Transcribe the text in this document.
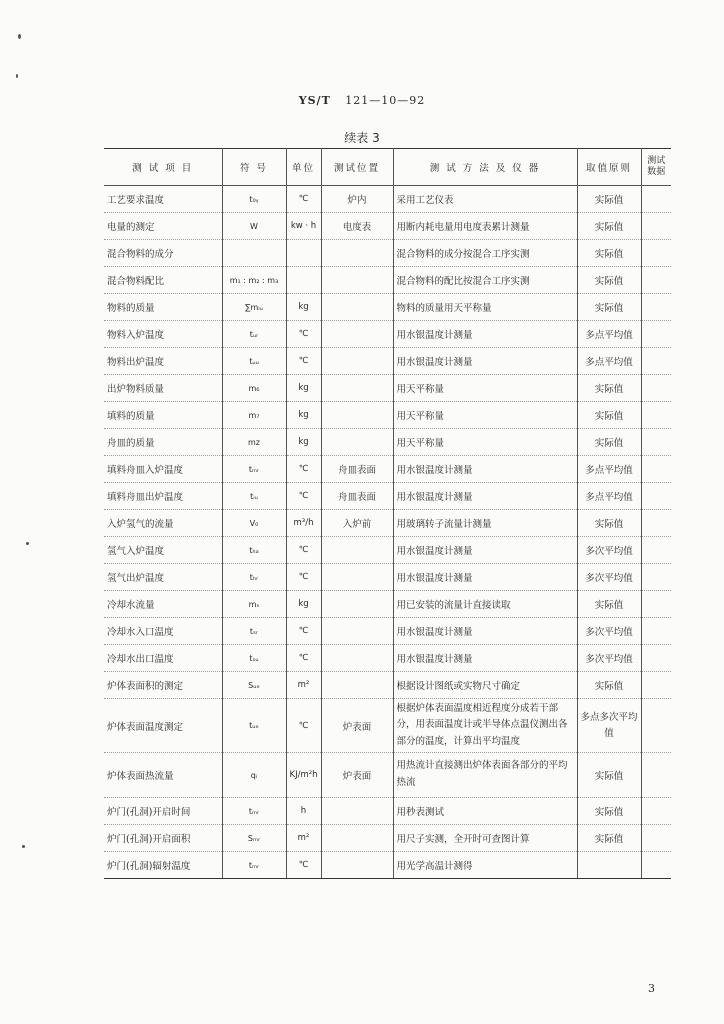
YS/T 121—10—92
续表 3
测 试 项 目	符 号	单位	测试位置	测 试 方 法 及 仪 器	取值原则	测试数据
工艺要求温度	t₀ᵧ	℃	炉内	采用工艺仪表	实际值	
电量的测定	W	kw · h	电度表	用断内耗电量用电度表累计测量	实际值	
混合物料的成分				混合物料的成分按混合工序实测	实际值	
混合物料配比	m₁ : m₂ : m₃			混合物料的配比按混合工序实测	实际值	
物料的质量	∑mᵢᵤ	kg		物料的质量用天平称量	实际值	
物料入炉温度	tᵤᵣ	℃		用水银温度计测量	多点平均值	
物料出炉温度	tᵤᵤ	℃		用水银温度计测量	多点平均值	
出炉物料质量	m₆	kg		用天平称量	实际值	
填料的质量	m₇	kg		用天平称量	实际值	
舟皿的质量	mz	kg		用天平称量	实际值	
填料舟皿入炉温度	tₘᵣ	℃	舟皿表面	用水银温度计测量	多点平均值	
填料舟皿出炉温度	tᵢᵤ	℃	舟皿表面	用水银温度计测量	多点平均值	
入炉氢气的流量	V₀	m³/h	入炉前	用玻璃转子流量计测量	实际值	
氢气入炉温度	tₕₐ	℃		用水银温度计测量	多次平均值	
氢气出炉温度	tₕᵣ	℃		用水银温度计测量	多次平均值	
冷却水流量	mₛ	kg		用已安装的流量计直接读取	实际值	
冷却水入口温度	tₛᵣ	℃		用水银温度计测量	多次平均值	
冷却水出口温度	tₛᵤ	℃		用水银温度计测量	多次平均值	
炉体表面积的测定	Sᵤₑ	m²		根据设计图纸或实物尺寸确定	实际值	
炉体表面温度测定	tᵤₑ	℃	炉表面	根据炉体表面温度相近程度分成若干部分，用表面温度计或半导体点温仪测出各部分的温度，计算出平均温度	多点多次平均值	
炉体表面热流量	qᵢ	KJ/m²h	炉表面	用热流计直接测出炉体表面各部分的平均热流	实际值	
炉门(孔洞)开启时间	tₘᵣ	h		用秒表测试	实际值	
炉门(孔洞)开启面积	Sₘᵣ	m²		用尺子实测，全开时可查图计算	实际值	
炉门(孔洞)辐射温度	tₘᵣ	℃		用光学高温计测得		
3
